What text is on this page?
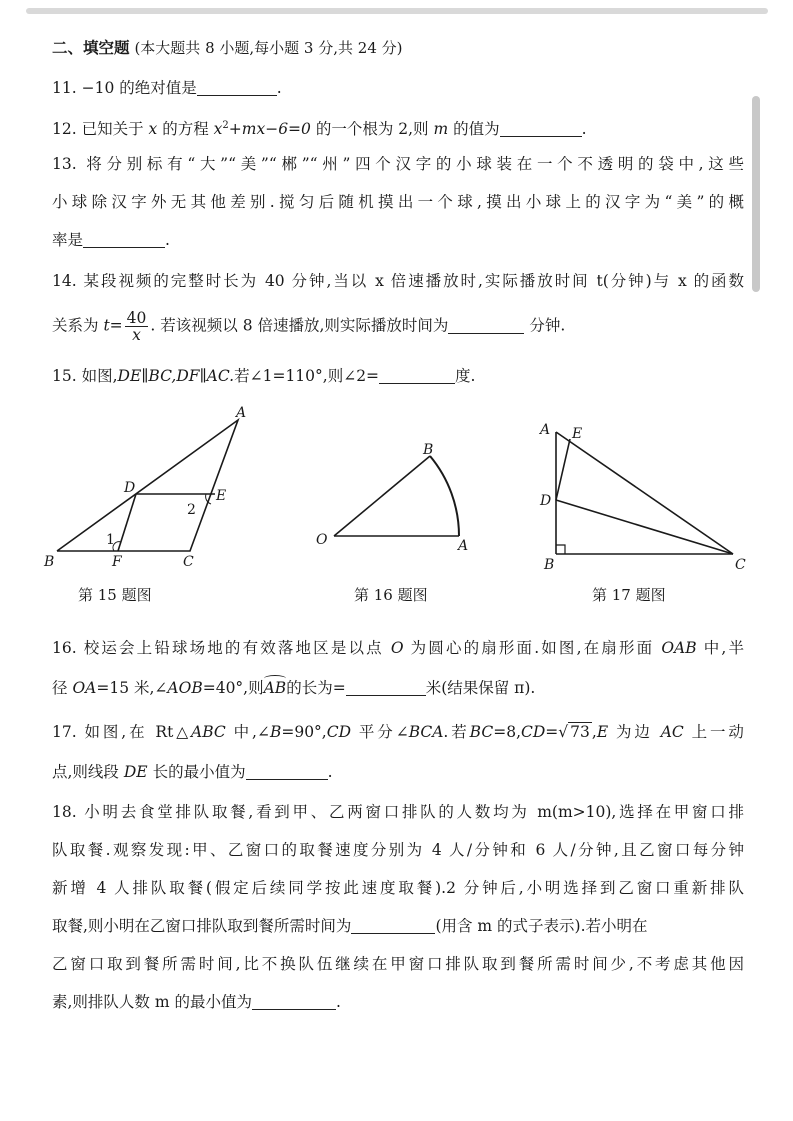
二、填空题 (本大题共 8 小题,每小题 3 分,共 24 分)
11. −10 的绝对值是	.
12. 已知关于 x 的方程 $x^2+mx-6=0$ 的一个根为 2,则 m 的值为	.
13. 将分别标有“大”“美”“郴”“州”四个汉字的小球装在一个不透明的袋中,这些
小球除汉字外无其他差别.搅匀后随机摸出一个球,摸出小球上的汉字为“美”的概
率是	.
14. 某段视频的完整时长为 40 分钟,当以 x 倍速播放时,实际播放时间 t(分钟)与 x 的函数
关系为 $t= \frac{40}{x}$ . 若该视频以 8 倍速播放,则实际播放时间为	分钟.
15. 如图,DE∥BC,DF∥AC.若∠1=110°,则∠2=	度.
A
B	C
D	E
F
1
2
O	A
B
A
B	C
D
E
第 15 题图	第 16 题图	第 17 题图
16. 校运会上铅球场地的有效落地区是以点 O 为圆心的扇形面.如图,在扇形面 OAB 中,半
径 OA=15 米,∠AOB=40°,则AB的长为=	米(结果保留 π).
17. 如图,在 Rt△ABC 中,∠B=90°,CD 平分∠BCA.若BC=8,CD=√ 73 ,E 为边 AC 上一动
点,则线段 DE 长的最小值为	.
18. 小明去食堂排队取餐,看到甲、乙两窗口排队的人数均为 m(m>10),选择在甲窗口排
队取餐.观察发现:甲、乙窗口的取餐速度分别为 4 人/分钟和 6 人/分钟,且乙窗口每分钟
新增 4 人排队取餐(假定后续同学按此速度取餐).2 分钟后,小明选择到乙窗口重新排队
取餐,则小明在乙窗口排队取到餐所需时间为	(用含 m 的式子表示).若小明在
乙窗口取到餐所需时间,比不换队伍继续在甲窗口排队取到餐所需时间少,不考虑其他因
素,则排队人数 m 的最小值为	.
